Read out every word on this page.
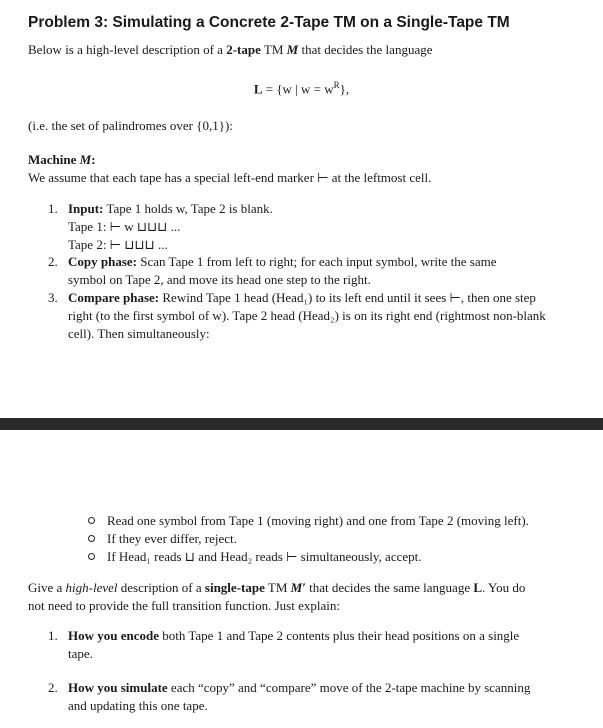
Problem 3: Simulating a Concrete 2-Tape TM on a Single-Tape TM
Below is a high-level description of a 2-tape TM M that decides the language
L = {w | $w = w^R$},
(i.e. the set of palindromes over {0,1}):
Machine M:
We assume that each tape has a special left-end marker ⊢ at the leftmost cell.
1. Input: Tape 1 holds w, Tape 2 is blank.
Tape 1: ⊢ w ⊔⊔⊔ ...
Tape 2: ⊢ ⊔⊔⊔ ...
2. Copy phase: Scan Tape 1 from left to right; for each input symbol, write the same symbol on Tape 2, and move its head one step to the right.
3. Compare phase: Rewind Tape 1 head (Head₁) to its left end until it sees ⊢, then one step right (to the first symbol of w). Tape 2 head (Head₂) is on its right end (rightmost non-blank cell). Then simultaneously:
Read one symbol from Tape 1 (moving right) and one from Tape 2 (moving left).
If they ever differ, reject.
If Head₁ reads ⊔ and Head₂ reads ⊢ simultaneously, accept.
Give a high-level description of a single-tape TM M′ that decides the same language L. You do
not need to provide the full transition function. Just explain:
1. How you encode both Tape 1 and Tape 2 contents plus their head positions on a single tape.
2. How you simulate each “copy” and “compare” move of the 2-tape machine by scanning and updating this one tape.
